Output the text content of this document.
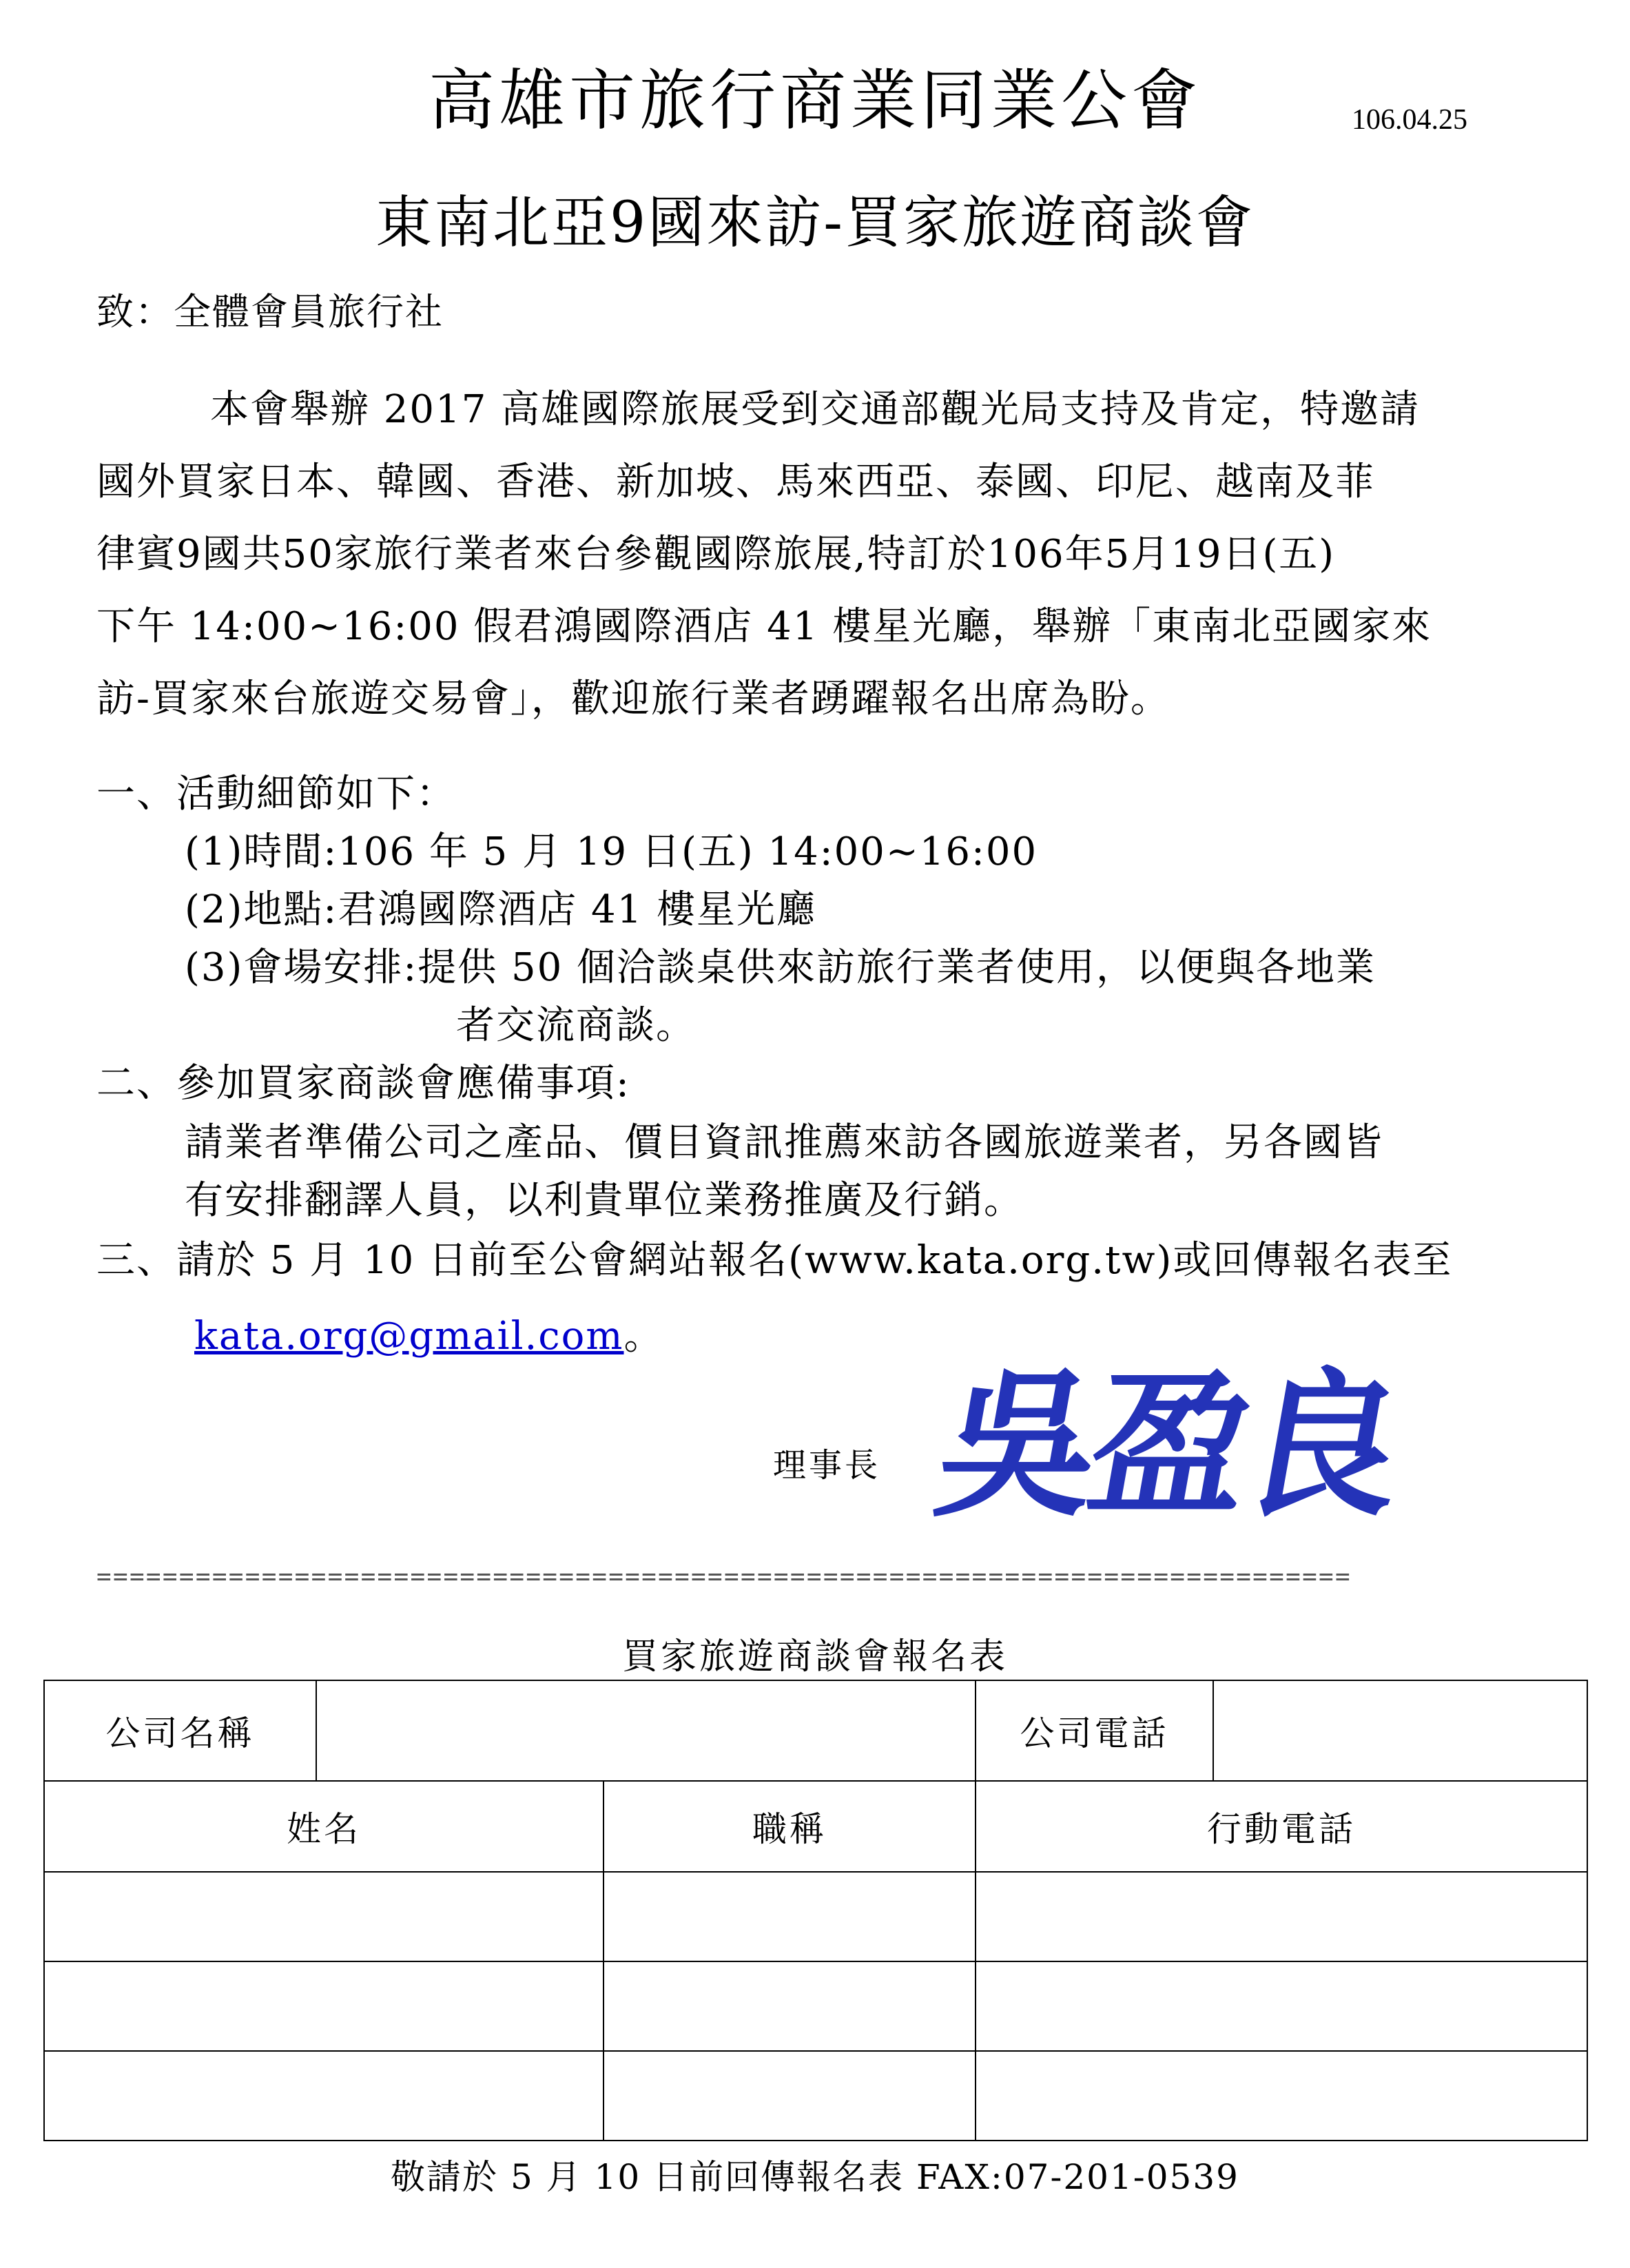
高雄市旅行商業同業公會	106.04.25
東南北亞9國來訪-買家旅遊商談會
致：全體會員旅行社
本會舉辦 2017 高雄國際旅展受到交通部觀光局支持及肯定，特邀請
國外買家日本、韓國、香港、新加坡、馬來西亞、泰國、印尼、越南及菲
律賓9國共50家旅行業者來台參觀國際旅展,特訂於106年5月19日(五)
下午 14:00~16:00 假君鴻國際酒店 41 樓星光廳，舉辦「東南北亞國家來
訪-買家來台旅遊交易會」，歡迎旅行業者踴躍報名出席為盼。
一、活動細節如下：
(1)時間:106 年 5 月 19 日(五) 14:00~16:00
(2)地點:君鴻國際酒店 41 樓星光廳
(3)會場安排:提供 50 個洽談桌供來訪旅行業者使用，以便與各地業
者交流商談。
二、參加買家商談會應備事項:
請業者準備公司之產品、價目資訊推薦來訪各國旅遊業者，另各國皆
有安排翻譯人員，以利貴單位業務推廣及行銷。
三、請於 5 月 10 日前至公會網站報名(www.kata.org.tw)或回傳報名表至
kata.org@gmail.com。
理事長 吳盈良
============================================================================
買家旅遊商談會報名表
公司名稱			公司電話	
姓名		職稱	行動電話	

敬請於 5 月 10 日前回傳報名表 FAX:07-201-0539
